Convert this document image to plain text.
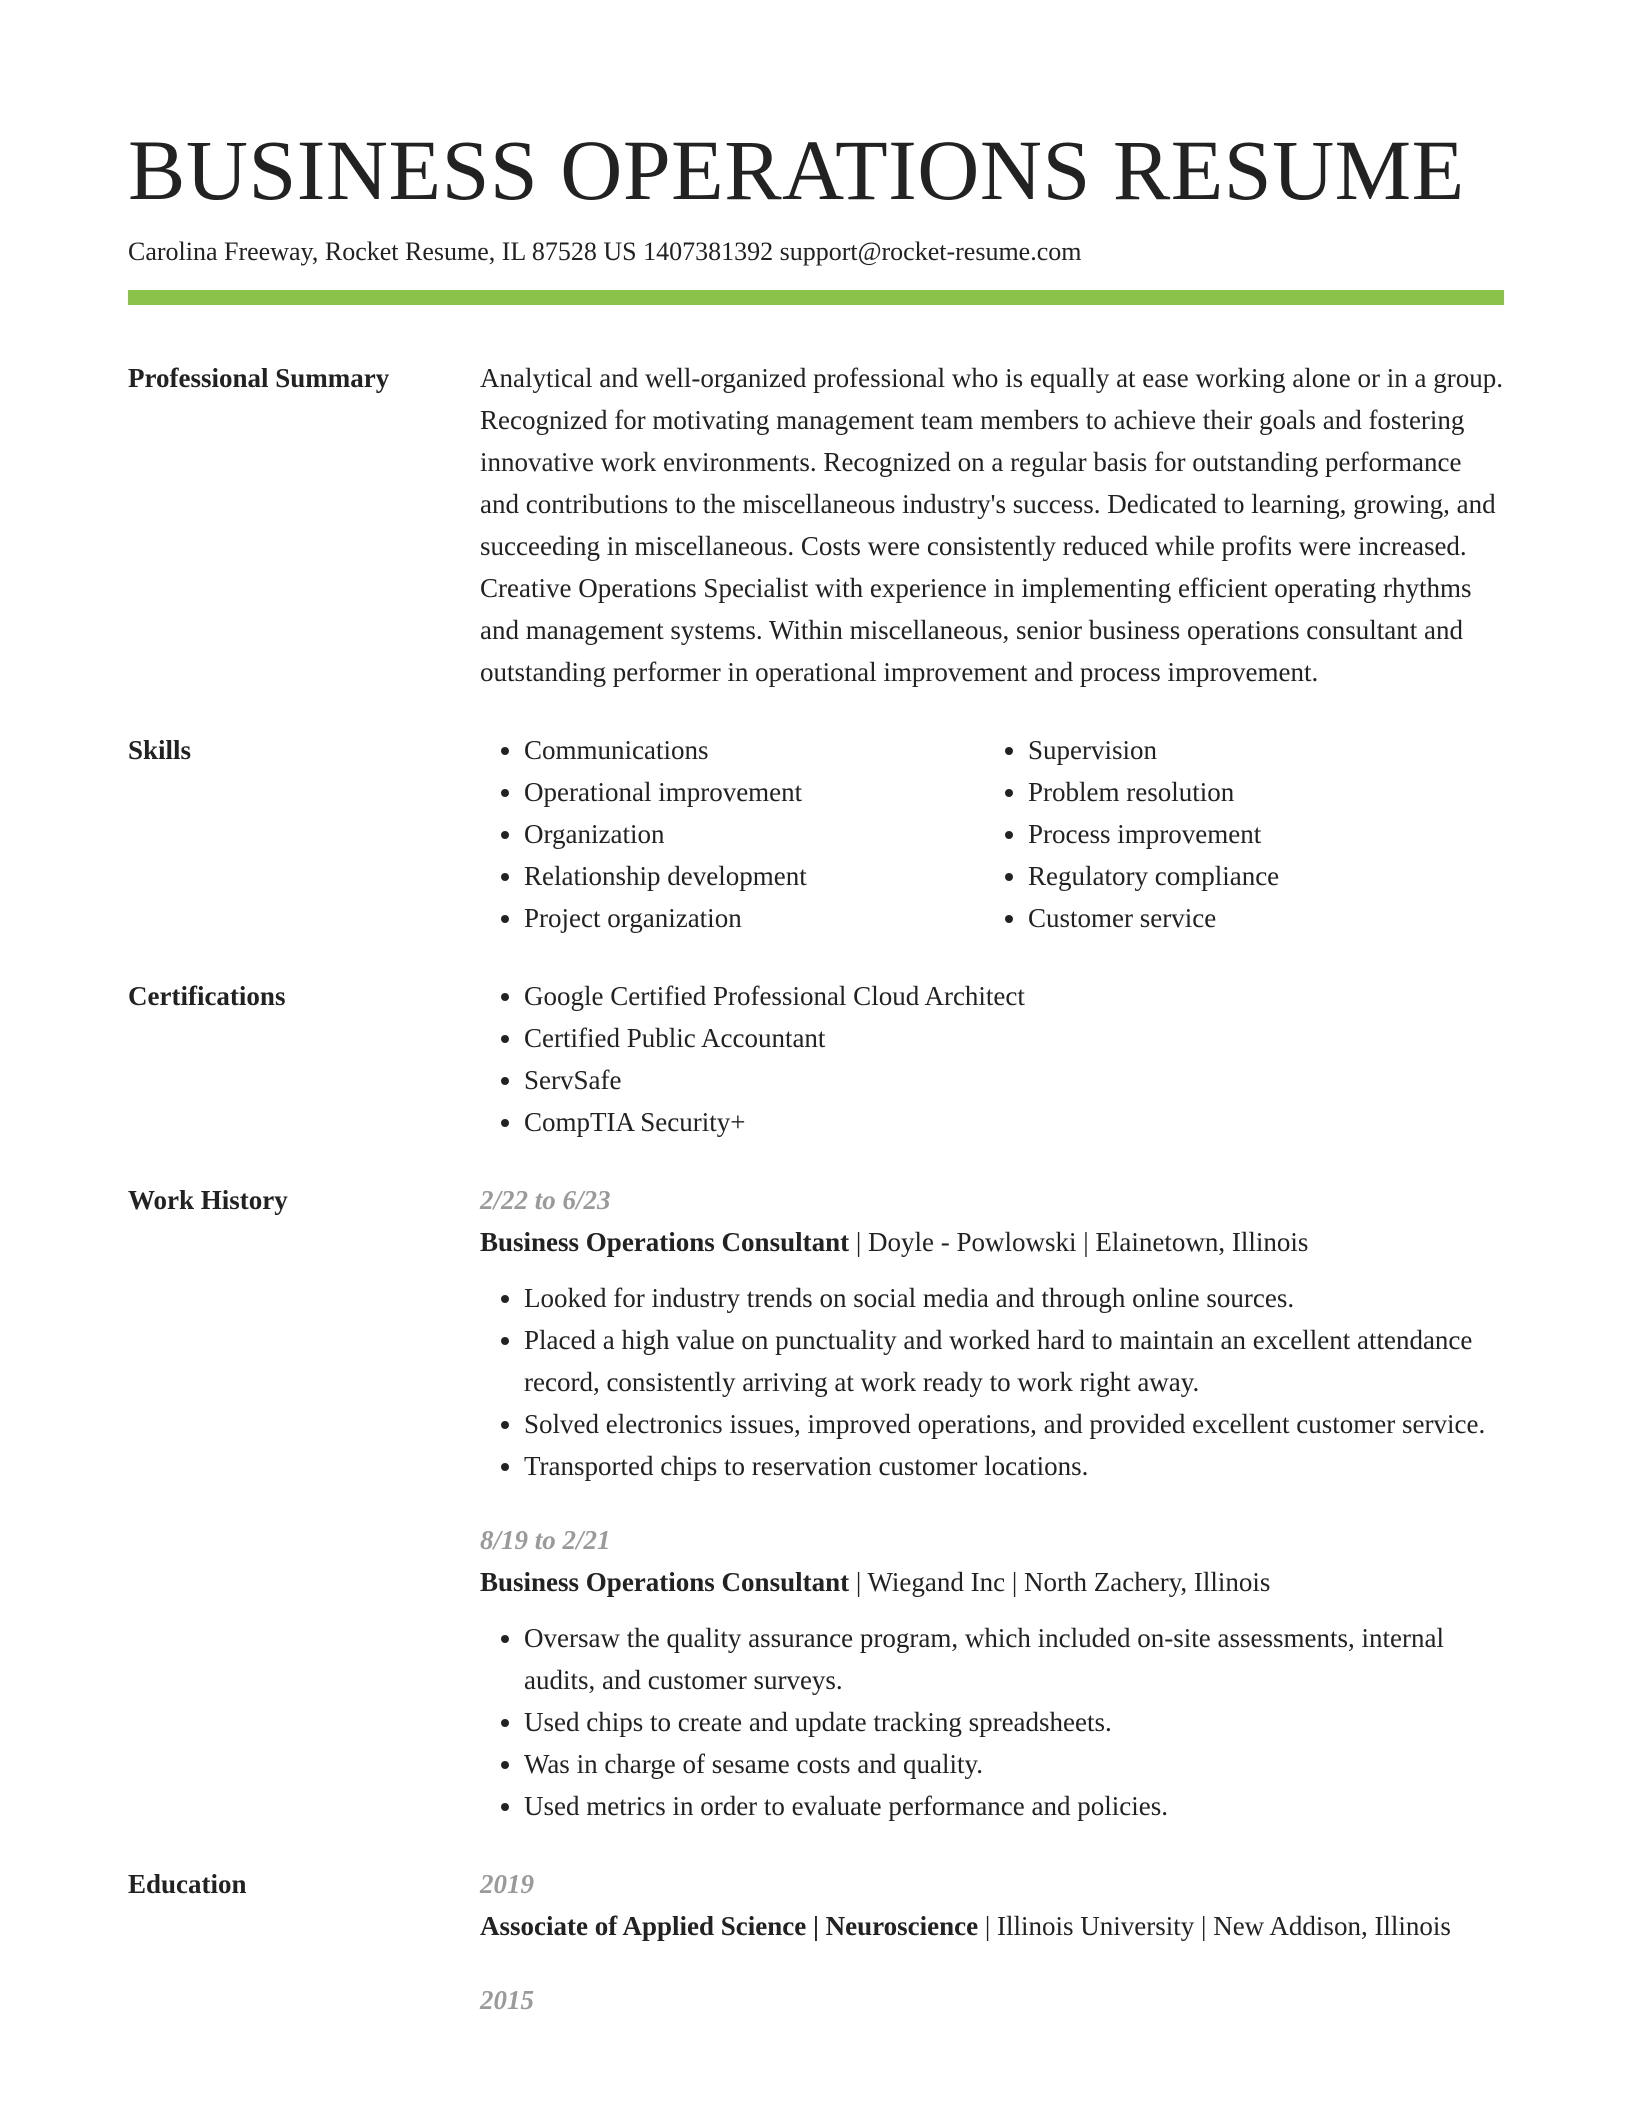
BUSINESS OPERATIONS RESUME
Carolina Freeway, Rocket Resume, IL 87528 US 1407381392 support@rocket-resume.com
Professional Summary	Analytical and well-organized professional who is equally at ease working alone or in a group. Recognized for motivating management team members to achieve their goals and fostering innovative work environments. Recognized on a regular basis for outstanding performance and contributions to the miscellaneous industry's success. Dedicated to learning, growing, and succeeding in miscellaneous. Costs were consistently reduced while profits were increased. Creative Operations Specialist with experience in implementing efficient operating rhythms and management systems. Within miscellaneous, senior business operations consultant and outstanding performer in operational improvement and process improvement.

Skills	• Communications
• Operational improvement
• Organization
• Relationship development
• Project organization
• Supervision
• Problem resolution
• Process improvement
• Regulatory compliance
• Customer service
Certifications	• Google Certified Professional Cloud Architect
• Certified Public Accountant
• ServSafe
• CompTIA Security+
Work History	2/22 to 6/23
Business Operations Consultant | Doyle - Powlowski | Elainetown, Illinois
• Looked for industry trends on social media and through online sources.
• Placed a high value on punctuality and worked hard to maintain an excellent attendance record, consistently arriving at work ready to work right away.
• Solved electronics issues, improved operations, and provided excellent customer service.
• Transported chips to reservation customer locations.
8/19 to 2/21
Business Operations Consultant | Wiegand Inc | North Zachery, Illinois
• Oversaw the quality assurance program, which included on-site assessments, internal audits, and customer surveys.
• Used chips to create and update tracking spreadsheets.
• Was in charge of sesame costs and quality.
• Used metrics in order to evaluate performance and policies.
Education	2019
Associate of Applied Science | Neuroscience | Illinois University | New Addison, Illinois
2015
